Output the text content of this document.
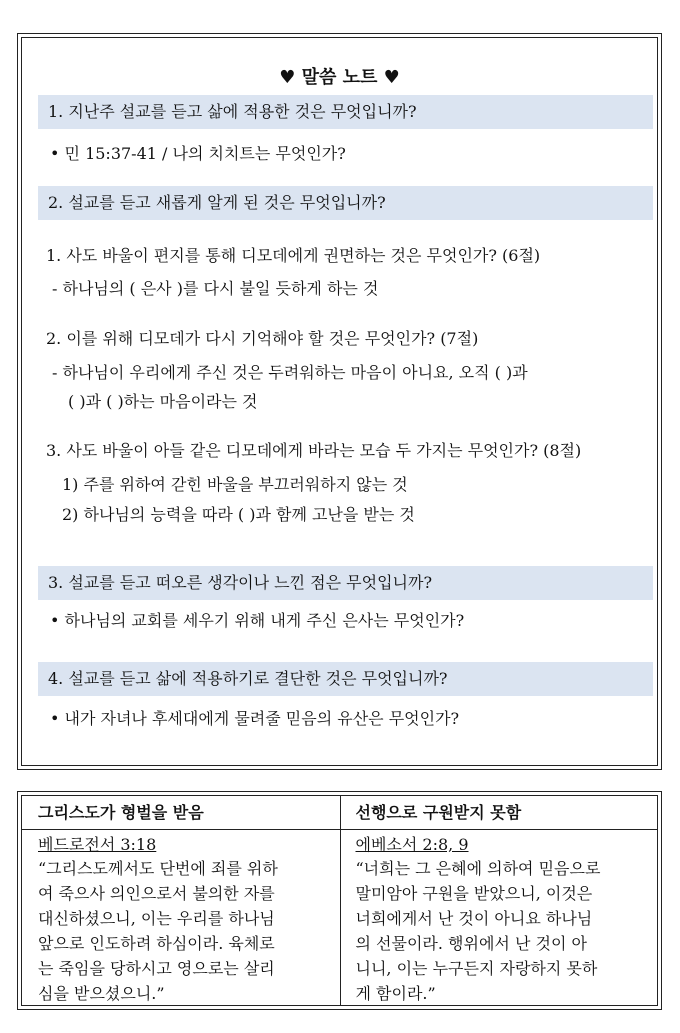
♥ 말씀 노트 ♥
1. 지난주 설교를 듣고 삶에 적용한 것은 무엇입니까?
• 민 15:37-41 / 나의 치치트는 무엇인가?
2. 설교를 듣고 새롭게 알게 된 것은 무엇입니까?
1. 사도 바울이 편지를 통해 디모데에게 권면하는 것은 무엇인가? (6절)
- 하나님의 ( 은사 )를 다시 불일 듯하게 하는 것
2. 이를 위해 디모데가 다시 기억해야 할 것은 무엇인가? (7절)
- 하나님이 우리에게 주신 것은 두려워하는 마음이 아니요, 오직 ( )과
( )과 ( )하는 마음이라는 것
3. 사도 바울이 아들 같은 디모데에게 바라는 모습 두 가지는 무엇인가? (8절)
1) 주를 위하여 갇힌 바울을 부끄러워하지 않는 것
2) 하나님의 능력을 따라 ( )과 함께 고난을 받는 것
3. 설교를 듣고 떠오른 생각이나 느낀 점은 무엇입니까?
• 하나님의 교회를 세우기 위해 내게 주신 은사는 무엇인가?
4. 설교를 듣고 삶에 적용하기로 결단한 것은 무엇입니까?
• 내가 자녀나 후세대에게 물려줄 믿음의 유산은 무엇인가?
그리스도가 형벌을 받음
베드로전서 3:18
“그리스도께서도 단번에 죄를 위하
여 죽으사 의인으로서 불의한 자를
대신하셨으니, 이는 우리를 하나님
앞으로 인도하려 하심이라. 육체로
는 죽임을 당하시고 영으로는 살리
심을 받으셨으니.”
선행으로 구원받지 못함
에베소서 2:8, 9
“너희는 그 은혜에 의하여 믿음으로
말미암아 구원을 받았으니, 이것은
너희에게서 난 것이 아니요 하나님
의 선물이라. 행위에서 난 것이 아
니니, 이는 누구든지 자랑하지 못하
게 함이라.”
